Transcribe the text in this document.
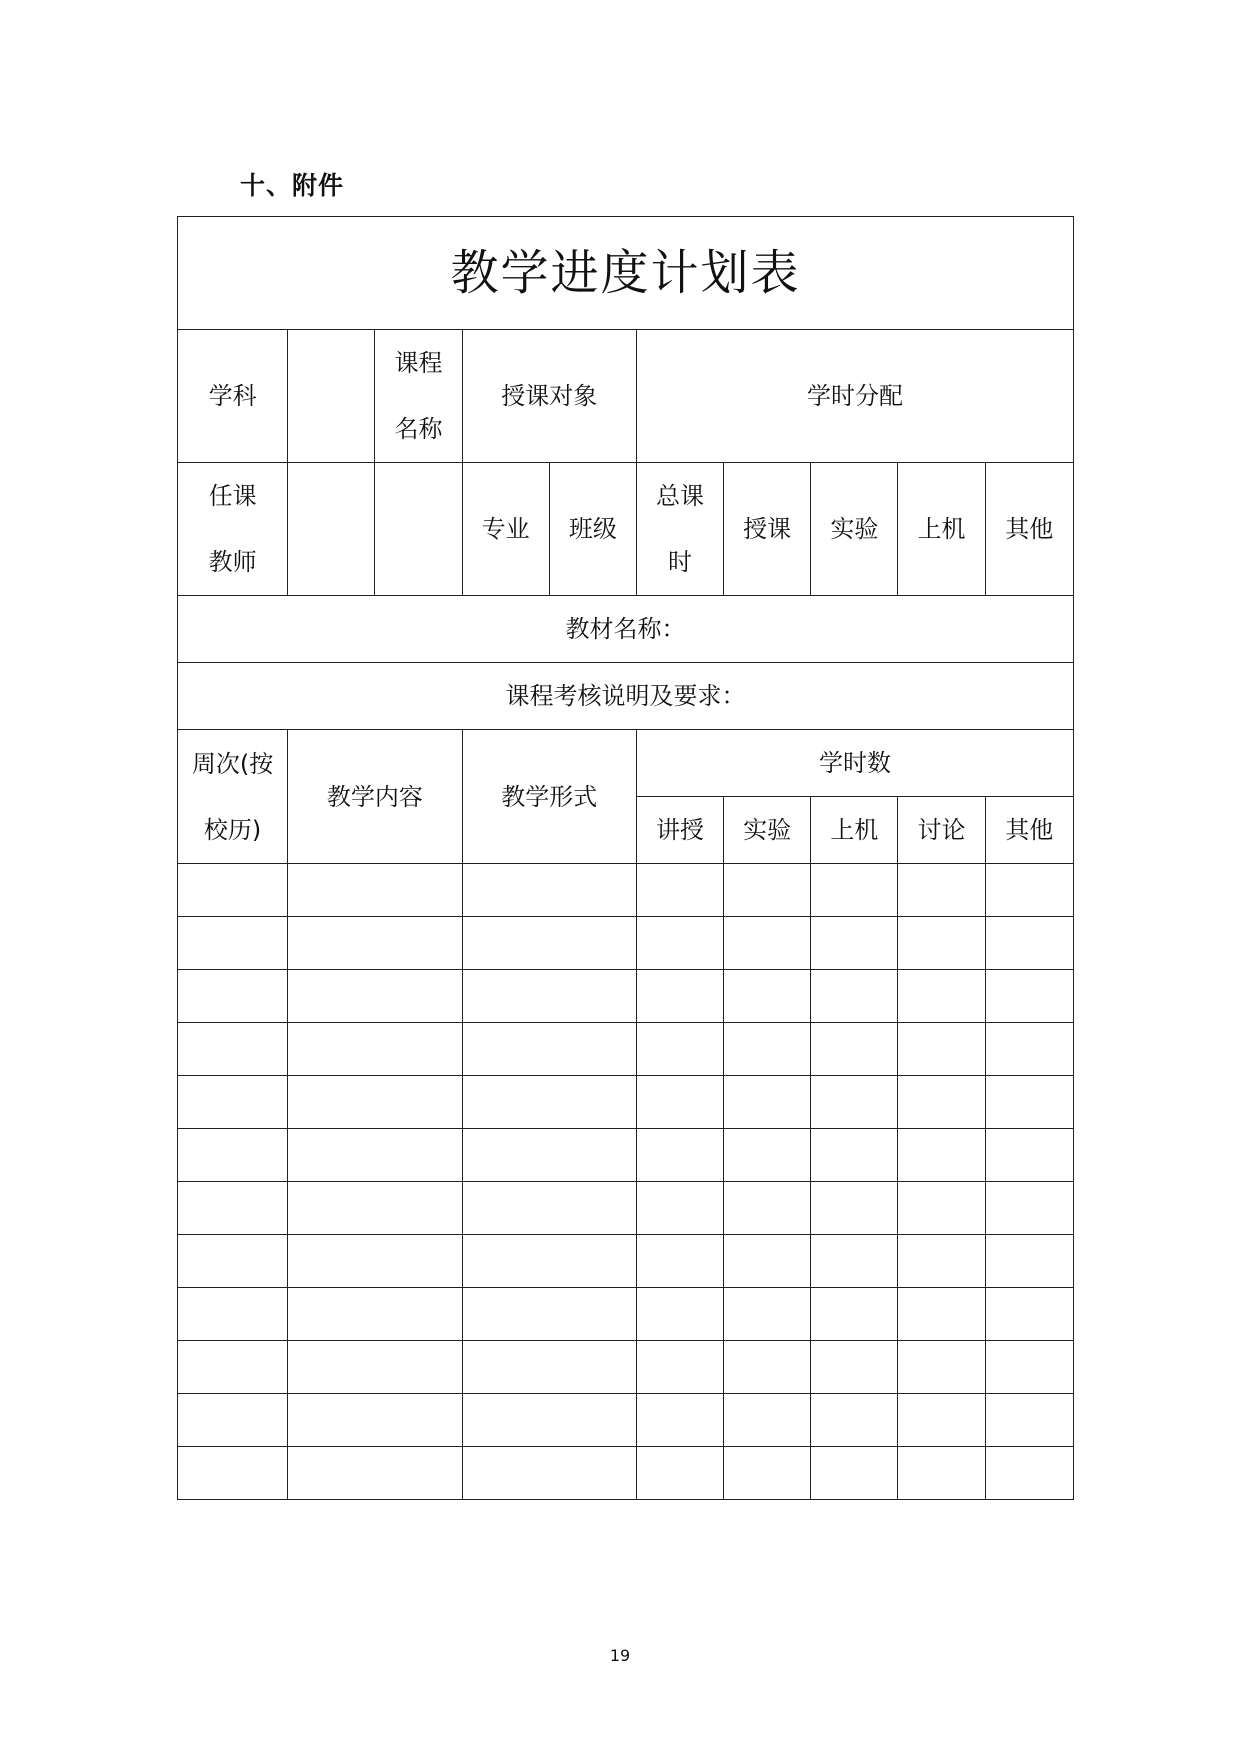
十、附件
教学进度计划表									
学科		课程 名称	授课对象		学时分配				
任课 教师			专业	班级	总课 时	授课	实验	上机	其他
教材名称：									
课程考核说明及要求：									
周次(按 校历)	教学内容		教学形式		学时数				
					讲授	实验	上机	讨论	其他

19
